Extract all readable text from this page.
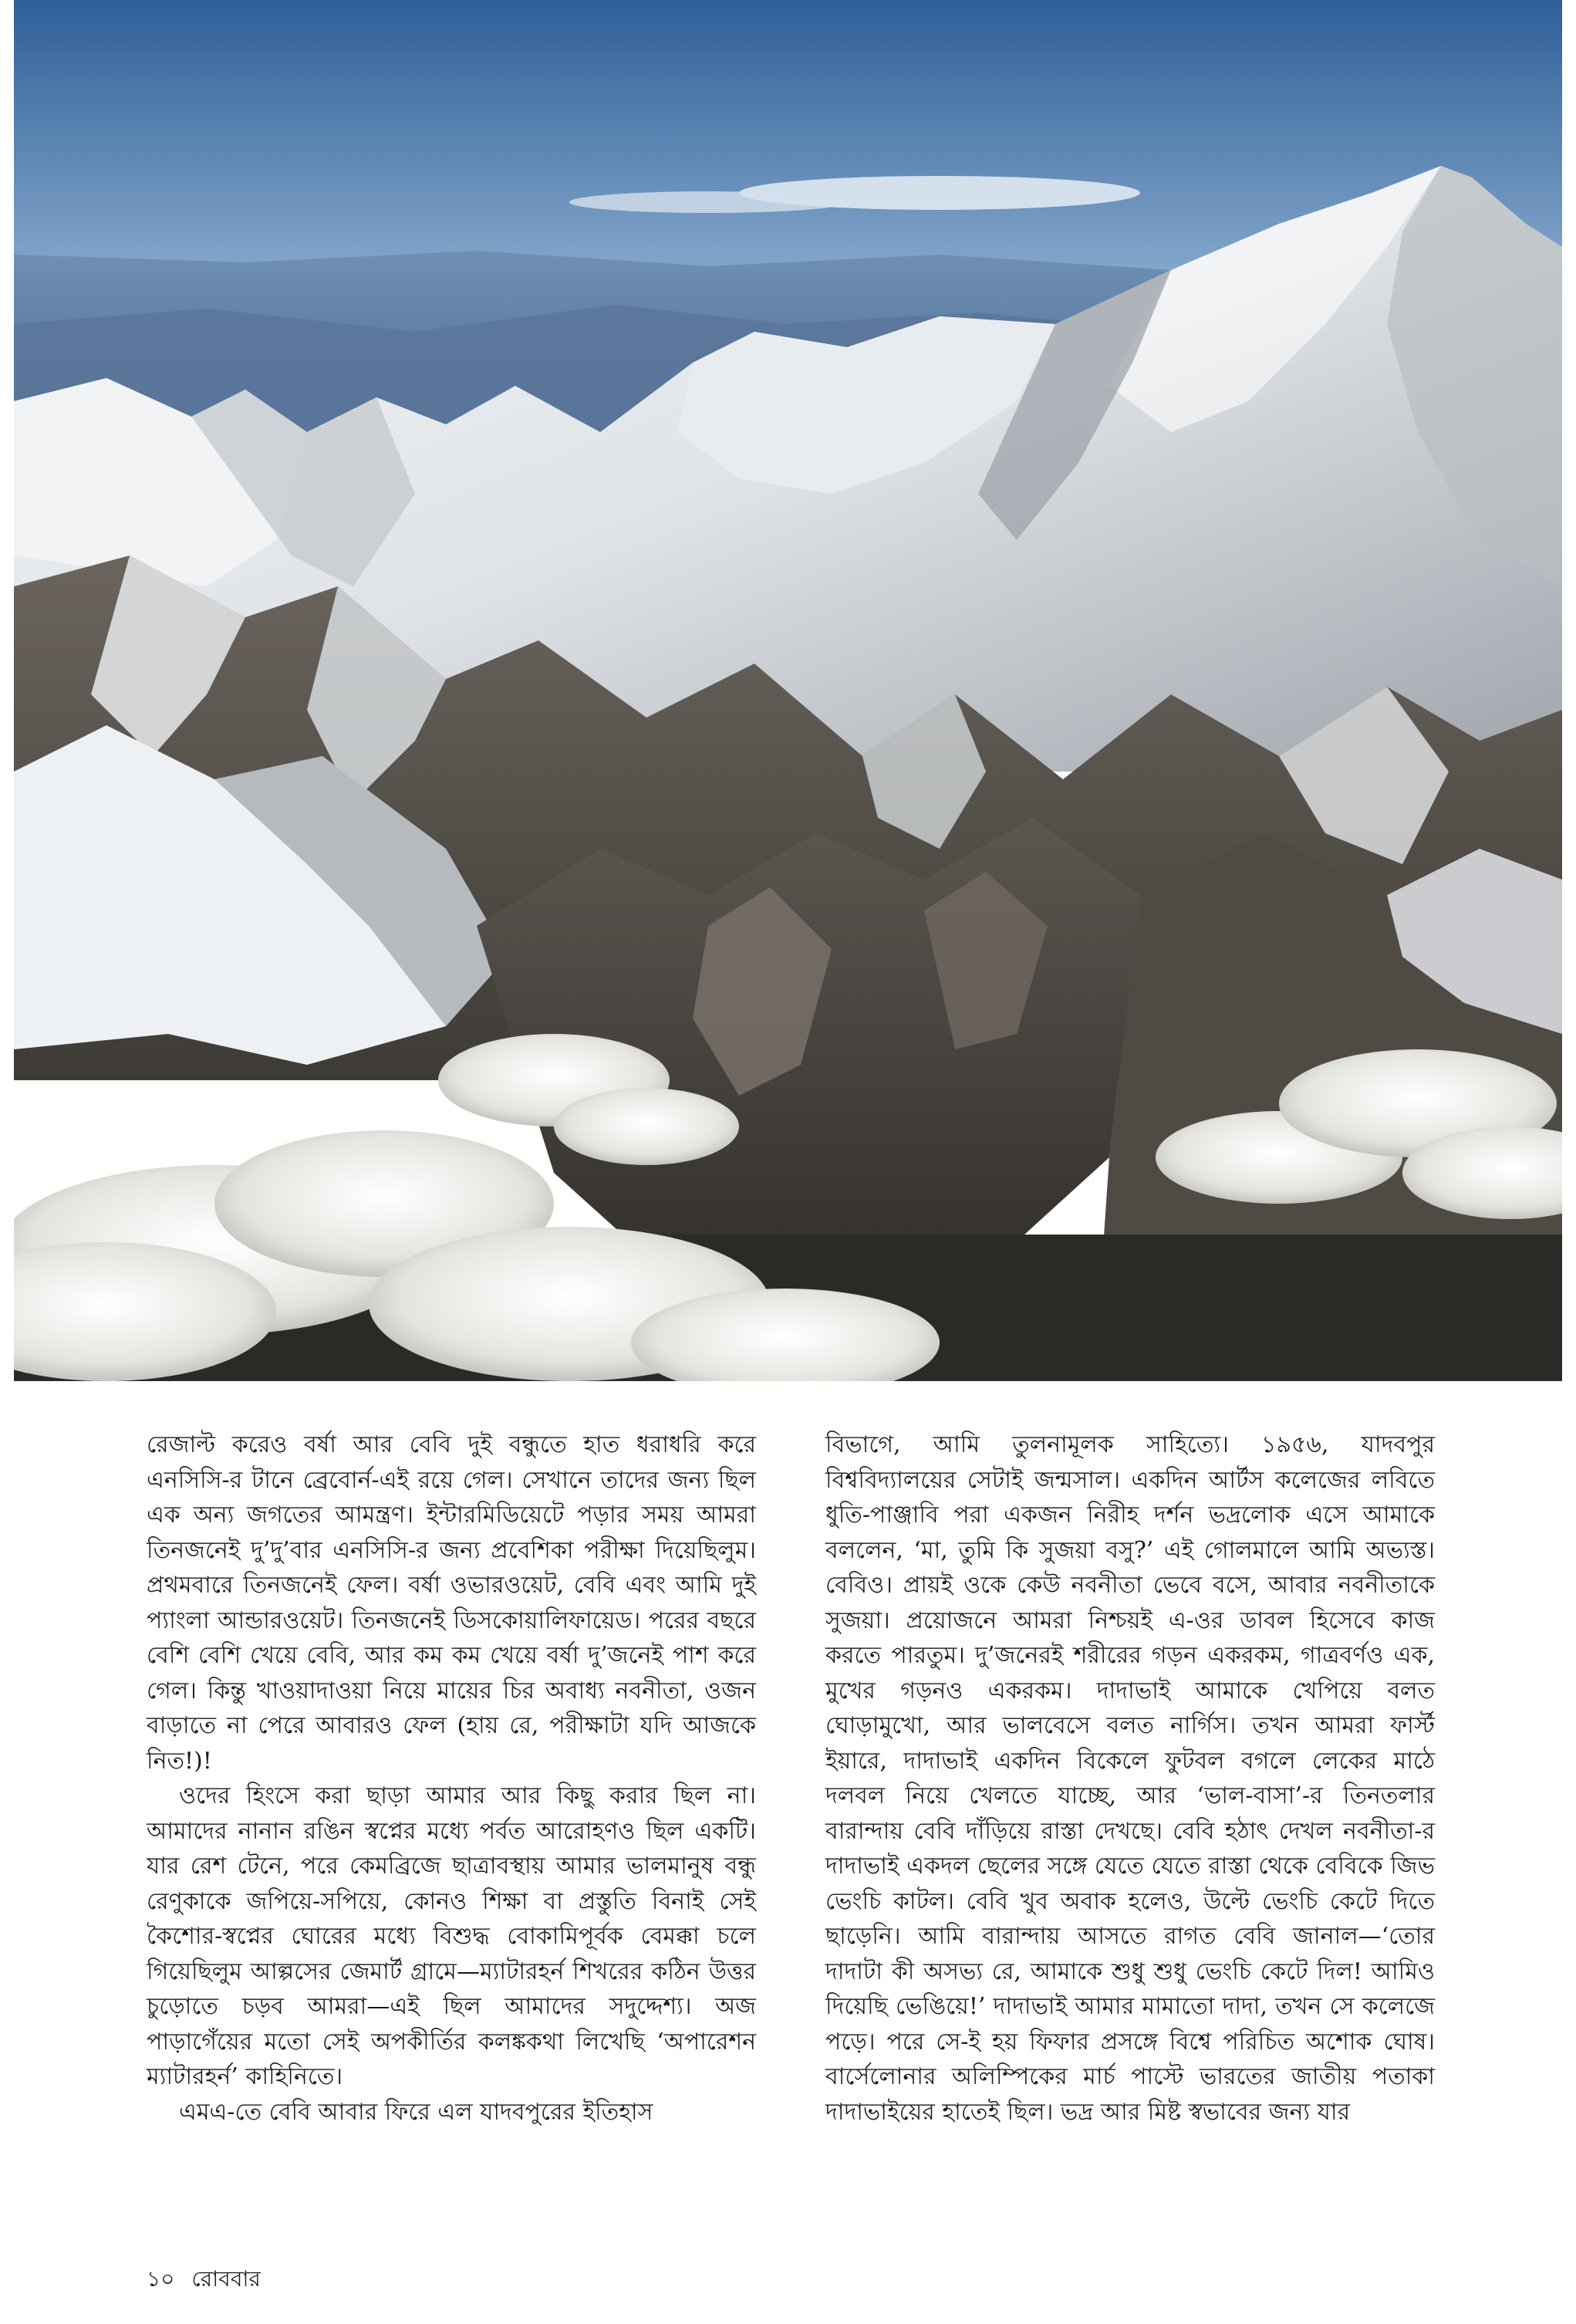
রেজাল্ট করেও বর্ষা আর বেবি দুই বন্ধুতে হাত ধরাধরি করে এনসিসি-র টানে ব্রেবোর্ন-এই রয়ে গেল। সেখানে তাদের জন্য ছিল এক অন্য জগতের আমন্ত্রণ। ইন্টারমিডিয়েটে পড়ার সময় আমরা তিনজনেই দু’দু’বার এনসিসি-র জন্য প্রবেশিকা পরীক্ষা দিয়েছিলুম। প্রথমবারে তিনজনেই ফেল। বর্ষা ওভারওয়েট, বেবি এবং আমি দুই প্যাংলা আন্ডারওয়েট। তিনজনেই ডিসকোয়ালিফায়েড। পরের বছরে বেশি বেশি খেয়ে বেবি, আর কম কম খেয়ে বর্ষা দু’জনেই পাশ করে গেল। কিন্তু খাওয়াদাওয়া নিয়ে মায়ের চির অবাধ্য নবনীতা, ওজন বাড়াতে না পেরে আবারও ফেল (হায় রে, পরীক্ষাটা যদি আজকে নিত!)!

ওদের হিংসে করা ছাড়া আমার আর কিছু করার ছিল না। আমাদের নানান রঙিন স্বপ্নের মধ্যে পর্বত আরোহণও ছিল একটি। যার রেশ টেনে, পরে কেমব্রিজে ছাত্রাবস্থায় আমার ভালমানুষ বন্ধু রেণুকাকে জপিয়ে-সপিয়ে, কোনও শিক্ষা বা প্রস্তুতি বিনাই সেই কৈশোর-স্বপ্নের ঘোরের মধ্যে বিশুদ্ধ বোকামিপূর্বক বেমক্কা চলে গিয়েছিলুম আল্পসের জেমার্ট গ্রামে—ম্যাটারহর্ন শিখরের কঠিন উত্তর চুড়োতে চড়ব আমরা—এই ছিল আমাদের সদুদ্দেশ্য। অজ পাড়াগেঁয়ের মতো সেই অপকীর্তির কলঙ্ককথা লিখেছি ‘অপারেশন ম্যাটারহর্ন’ কাহিনিতে।

এমএ-তে বেবি আবার ফিরে এল যাদবপুরের ইতিহাস

বিভাগে, আমি তুলনামূলক সাহিত্যে। ১৯৫৬, যাদবপুর বিশ্ববিদ্যালয়ের সেটাই জন্মসাল। একদিন আর্টস কলেজের লবিতে ধুতি-পাঞ্জাবি পরা একজন নিরীহ দর্শন ভদ্রলোক এসে আমাকে বললেন, ‘মা, তুমি কি সুজয়া বসু?’ এই গোলমালে আমি অভ্যস্ত। বেবিও। প্রায়ই ওকে কেউ নবনীতা ভেবে বসে, আবার নবনীতাকে সুজয়া। প্রয়োজনে আমরা নিশ্চয়ই এ-ওর ডাবল হিসেবে কাজ করতে পারতুম। দু’জনেরই শরীরের গড়ন একরকম, গাত্রবর্ণও এক, মুখের গড়নও একরকম। দাদাভাই আমাকে খেপিয়ে বলত ঘোড়ামুখো, আর ভালবেসে বলত নার্গিস। তখন আমরা ফার্স্ট ইয়ারে, দাদাভাই একদিন বিকেলে ফুটবল বগলে লেকের মাঠে দলবল নিয়ে খেলতে যাচ্ছে, আর ‘ভাল-বাসা’-র তিনতলার বারান্দায় বেবি দাঁড়িয়ে রাস্তা দেখছে। বেবি হঠাৎ দেখল নবনীতা-র দাদাভাই একদল ছেলের সঙ্গে যেতে যেতে রাস্তা থেকে বেবিকে জিভ ভেংচি কাটল। বেবি খুব অবাক হলেও, উল্টে ভেংচি কেটে দিতে ছাড়েনি। আমি বারান্দায় আসতে রাগত বেবি জানাল—‘তোর দাদাটা কী অসভ্য রে, আমাকে শুধু শুধু ভেংচি কেটে দিল! আমিও দিয়েছি ভেঙিয়ে!’ দাদাভাই আমার মামাতো দাদা, তখন সে কলেজে পড়ে। পরে সে-ই হয় ফিফার প্রসঙ্গে বিশ্বে পরিচিত অশোক ঘোষ। বার্সেলোনার অলিম্পিকের মার্চ পাস্টে ভারতের জাতীয় পতাকা দাদাভাইয়ের হাতেই ছিল। ভদ্র আর মিষ্ট স্বভাবের জন্য যার

১০ রোববার
